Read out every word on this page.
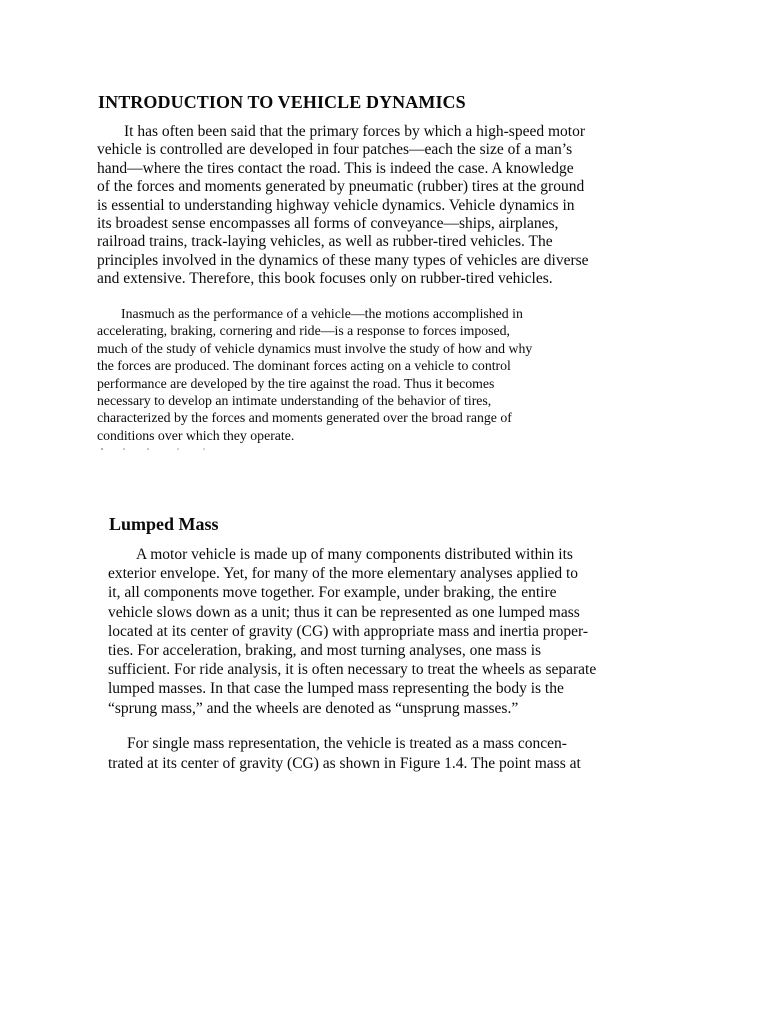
INTRODUCTION TO VEHICLE DYNAMICS

It has often been said that the primary forces by which a high-speed motor
vehicle is controlled are developed in four patches—each the size of a man’s
hand—where the tires contact the road. This is indeed the case. A knowledge
of the forces and moments generated by pneumatic (rubber) tires at the ground
is essential to understanding highway vehicle dynamics. Vehicle dynamics in
its broadest sense encompasses all forms of conveyance—ships, airplanes,
railroad trains, track-laying vehicles, as well as rubber-tired vehicles. The
principles involved in the dynamics of these many types of vehicles are diverse
and extensive. Therefore, this book focuses only on rubber-tired vehicles.

Inasmuch as the performance of a vehicle—the motions accomplished in
accelerating, braking, cornering and ride—is a response to forces imposed,
much of the study of vehicle dynamics must involve the study of how and why
the forces are produced. The dominant forces acting on a vehicle to control
performance are developed by the tire against the road. Thus it becomes
necessary to develop an intimate understanding of the behavior of tires,
characterized by the forces and moments generated over the broad range of
conditions over which they operate.

Lumped Mass

A motor vehicle is made up of many components distributed within its
exterior envelope. Yet, for many of the more elementary analyses applied to
it, all components move together. For example, under braking, the entire
vehicle slows down as a unit; thus it can be represented as one lumped mass
located at its center of gravity (CG) with appropriate mass and inertia proper-
ties. For acceleration, braking, and most turning analyses, one mass is
sufficient. For ride analysis, it is often necessary to treat the wheels as separate
lumped masses. In that case the lumped mass representing the body is the
“sprung mass,” and the wheels are denoted as “unsprung masses.”

For single mass representation, the vehicle is treated as a mass concen-
trated at its center of gravity (CG) as shown in Figure 1.4. The point mass at
